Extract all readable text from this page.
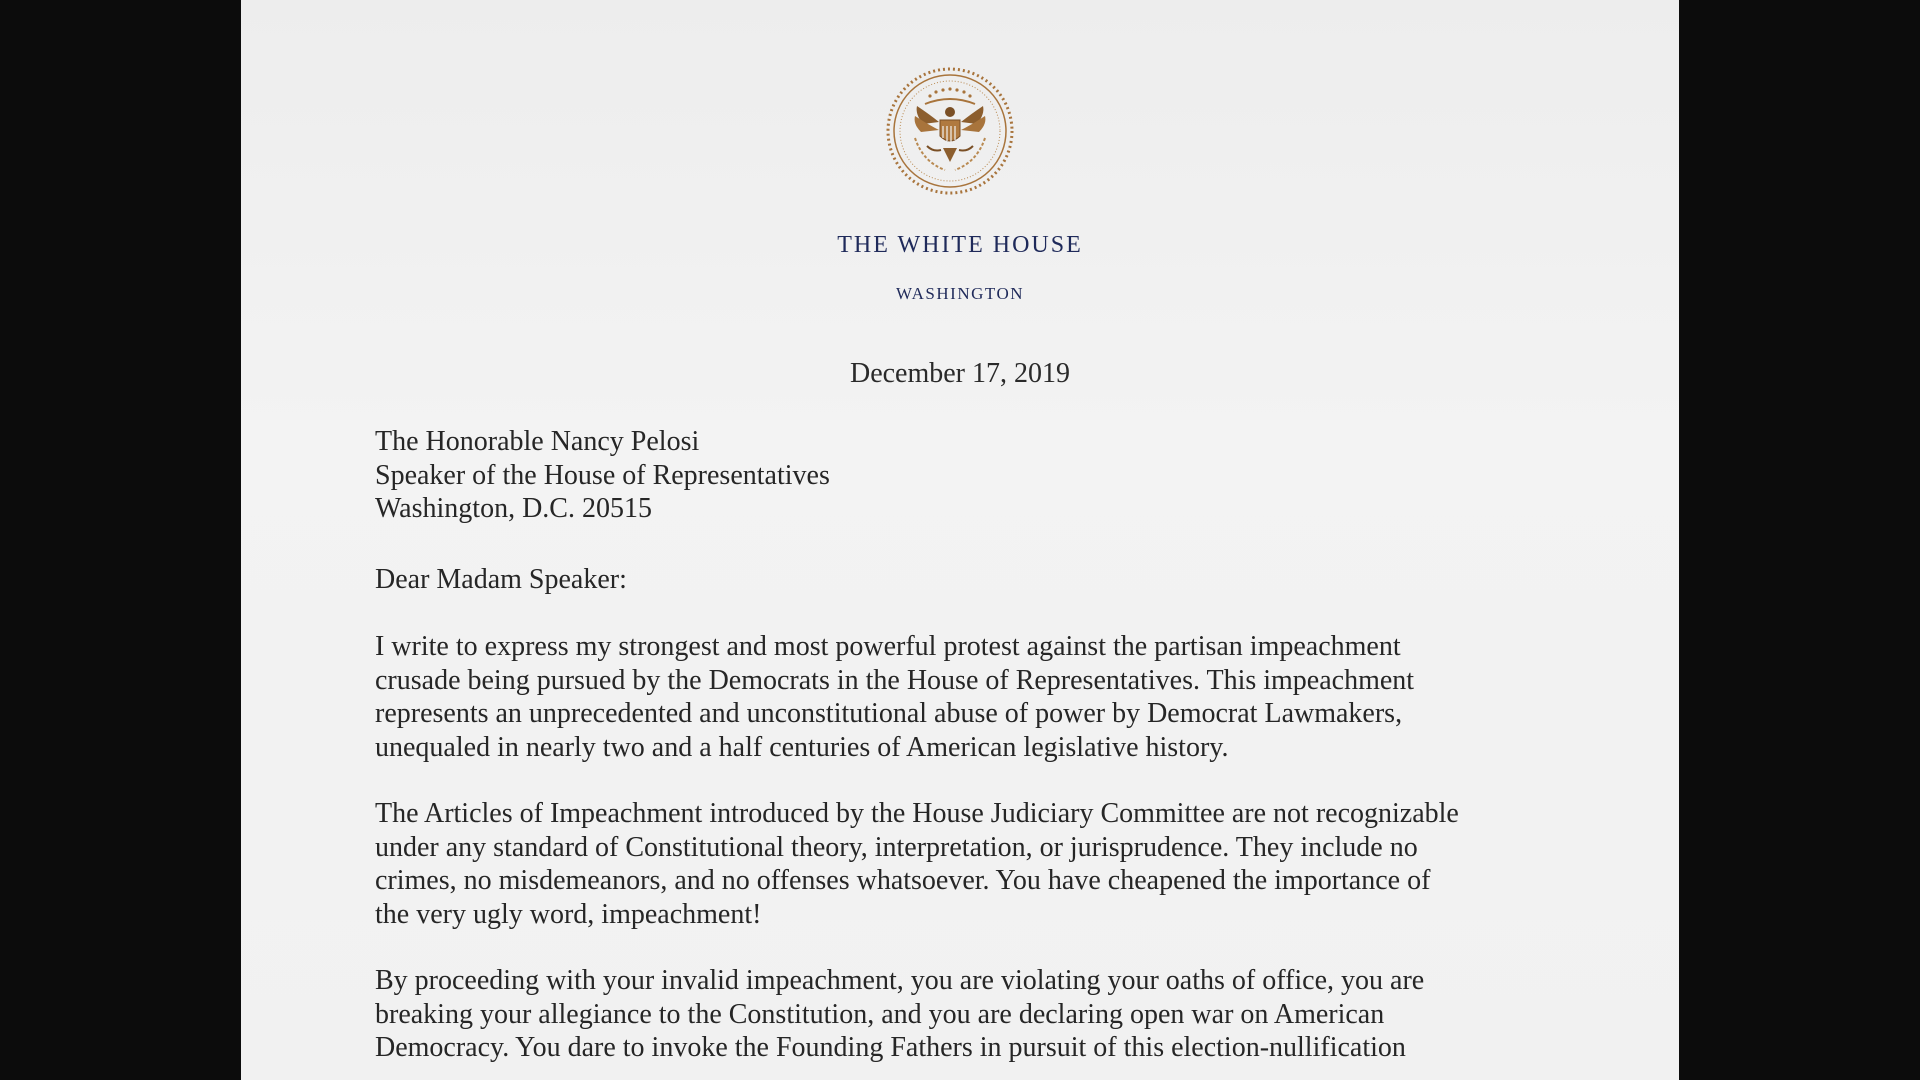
THE WHITE HOUSE
WASHINGTON
December 17, 2019
The Honorable Nancy Pelosi
Speaker of the House of Representatives
Washington, D.C. 20515
Dear Madam Speaker:
I write to express my strongest and most powerful protest against the partisan impeachment
crusade being pursued by the Democrats in the House of Representatives. This impeachment
represents an unprecedented and unconstitutional abuse of power by Democrat Lawmakers,
unequaled in nearly two and a half centuries of American legislative history.
The Articles of Impeachment introduced by the House Judiciary Committee are not recognizable
under any standard of Constitutional theory, interpretation, or jurisprudence. They include no
crimes, no misdemeanors, and no offenses whatsoever. You have cheapened the importance of
the very ugly word, impeachment!
By proceeding with your invalid impeachment, you are violating your oaths of office, you are
breaking your allegiance to the Constitution, and you are declaring open war on American
Democracy. You dare to invoke the Founding Fathers in pursuit of this election-nullification
